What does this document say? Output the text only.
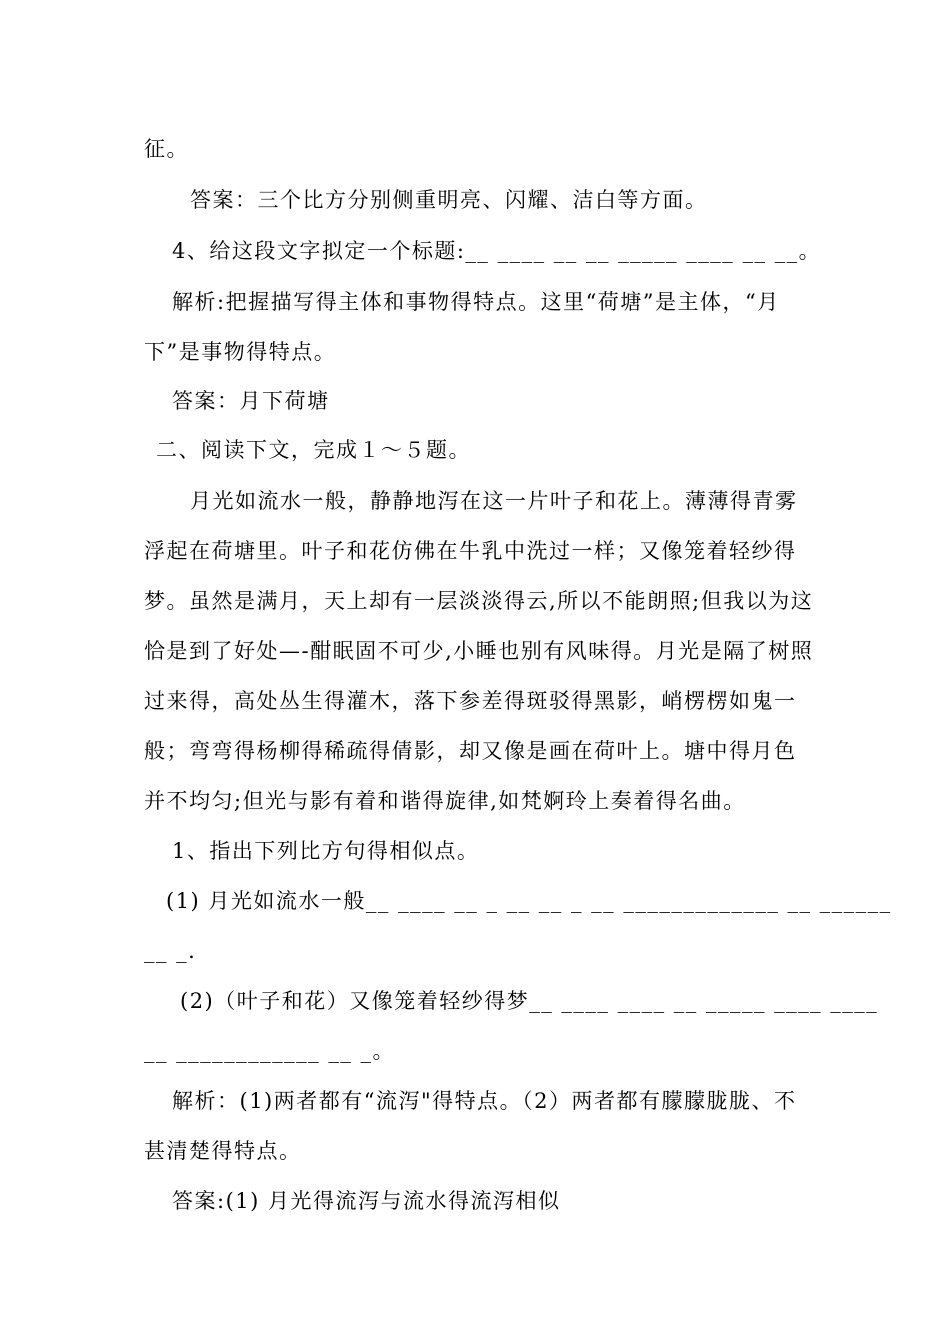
征。
答案：三个比方分别侧重明亮、闪耀、洁白等方面。
4、给这段文字拟定一个标题:__ ____ __ __ _____ ____ __ __。
解析:把握描写得主体和事物得特点。这里“荷塘”是主体，“月
下”是事物得特点。
答案：月下荷塘
二、阅读下文，完成１～５题。
月光如流水一般，静静地泻在这一片叶子和花上。薄薄得青雾
浮起在荷塘里。叶子和花仿佛在牛乳中洗过一样；又像笼着轻纱得
梦。虽然是满月，天上却有一层淡淡得云,所以不能朗照;但我以为这
恰是到了好处—-酣眠固不可少,小睡也别有风味得。月光是隔了树照
过来得，高处丛生得灌木，落下参差得斑驳得黑影，峭楞楞如鬼一
般；弯弯得杨柳得稀疏得倩影，却又像是画在荷叶上。塘中得月色
并不均匀;但光与影有着和谐得旋律,如梵婀玲上奏着得名曲。
1、指出下列比方句得相似点。
(1) 月光如流水一般__ ____ __ _ __ __ _ __ _____________ __ ______
__ _.
(2)（叶子和花）又像笼着轻纱得梦__ ____ ____ __ _____ ____ ____
__ ____________ __ _。
解析：(1)两者都有“流泻"得特点。（2）两者都有朦朦胧胧、不
甚清楚得特点。
答案:(1) 月光得流泻与流水得流泻相似
